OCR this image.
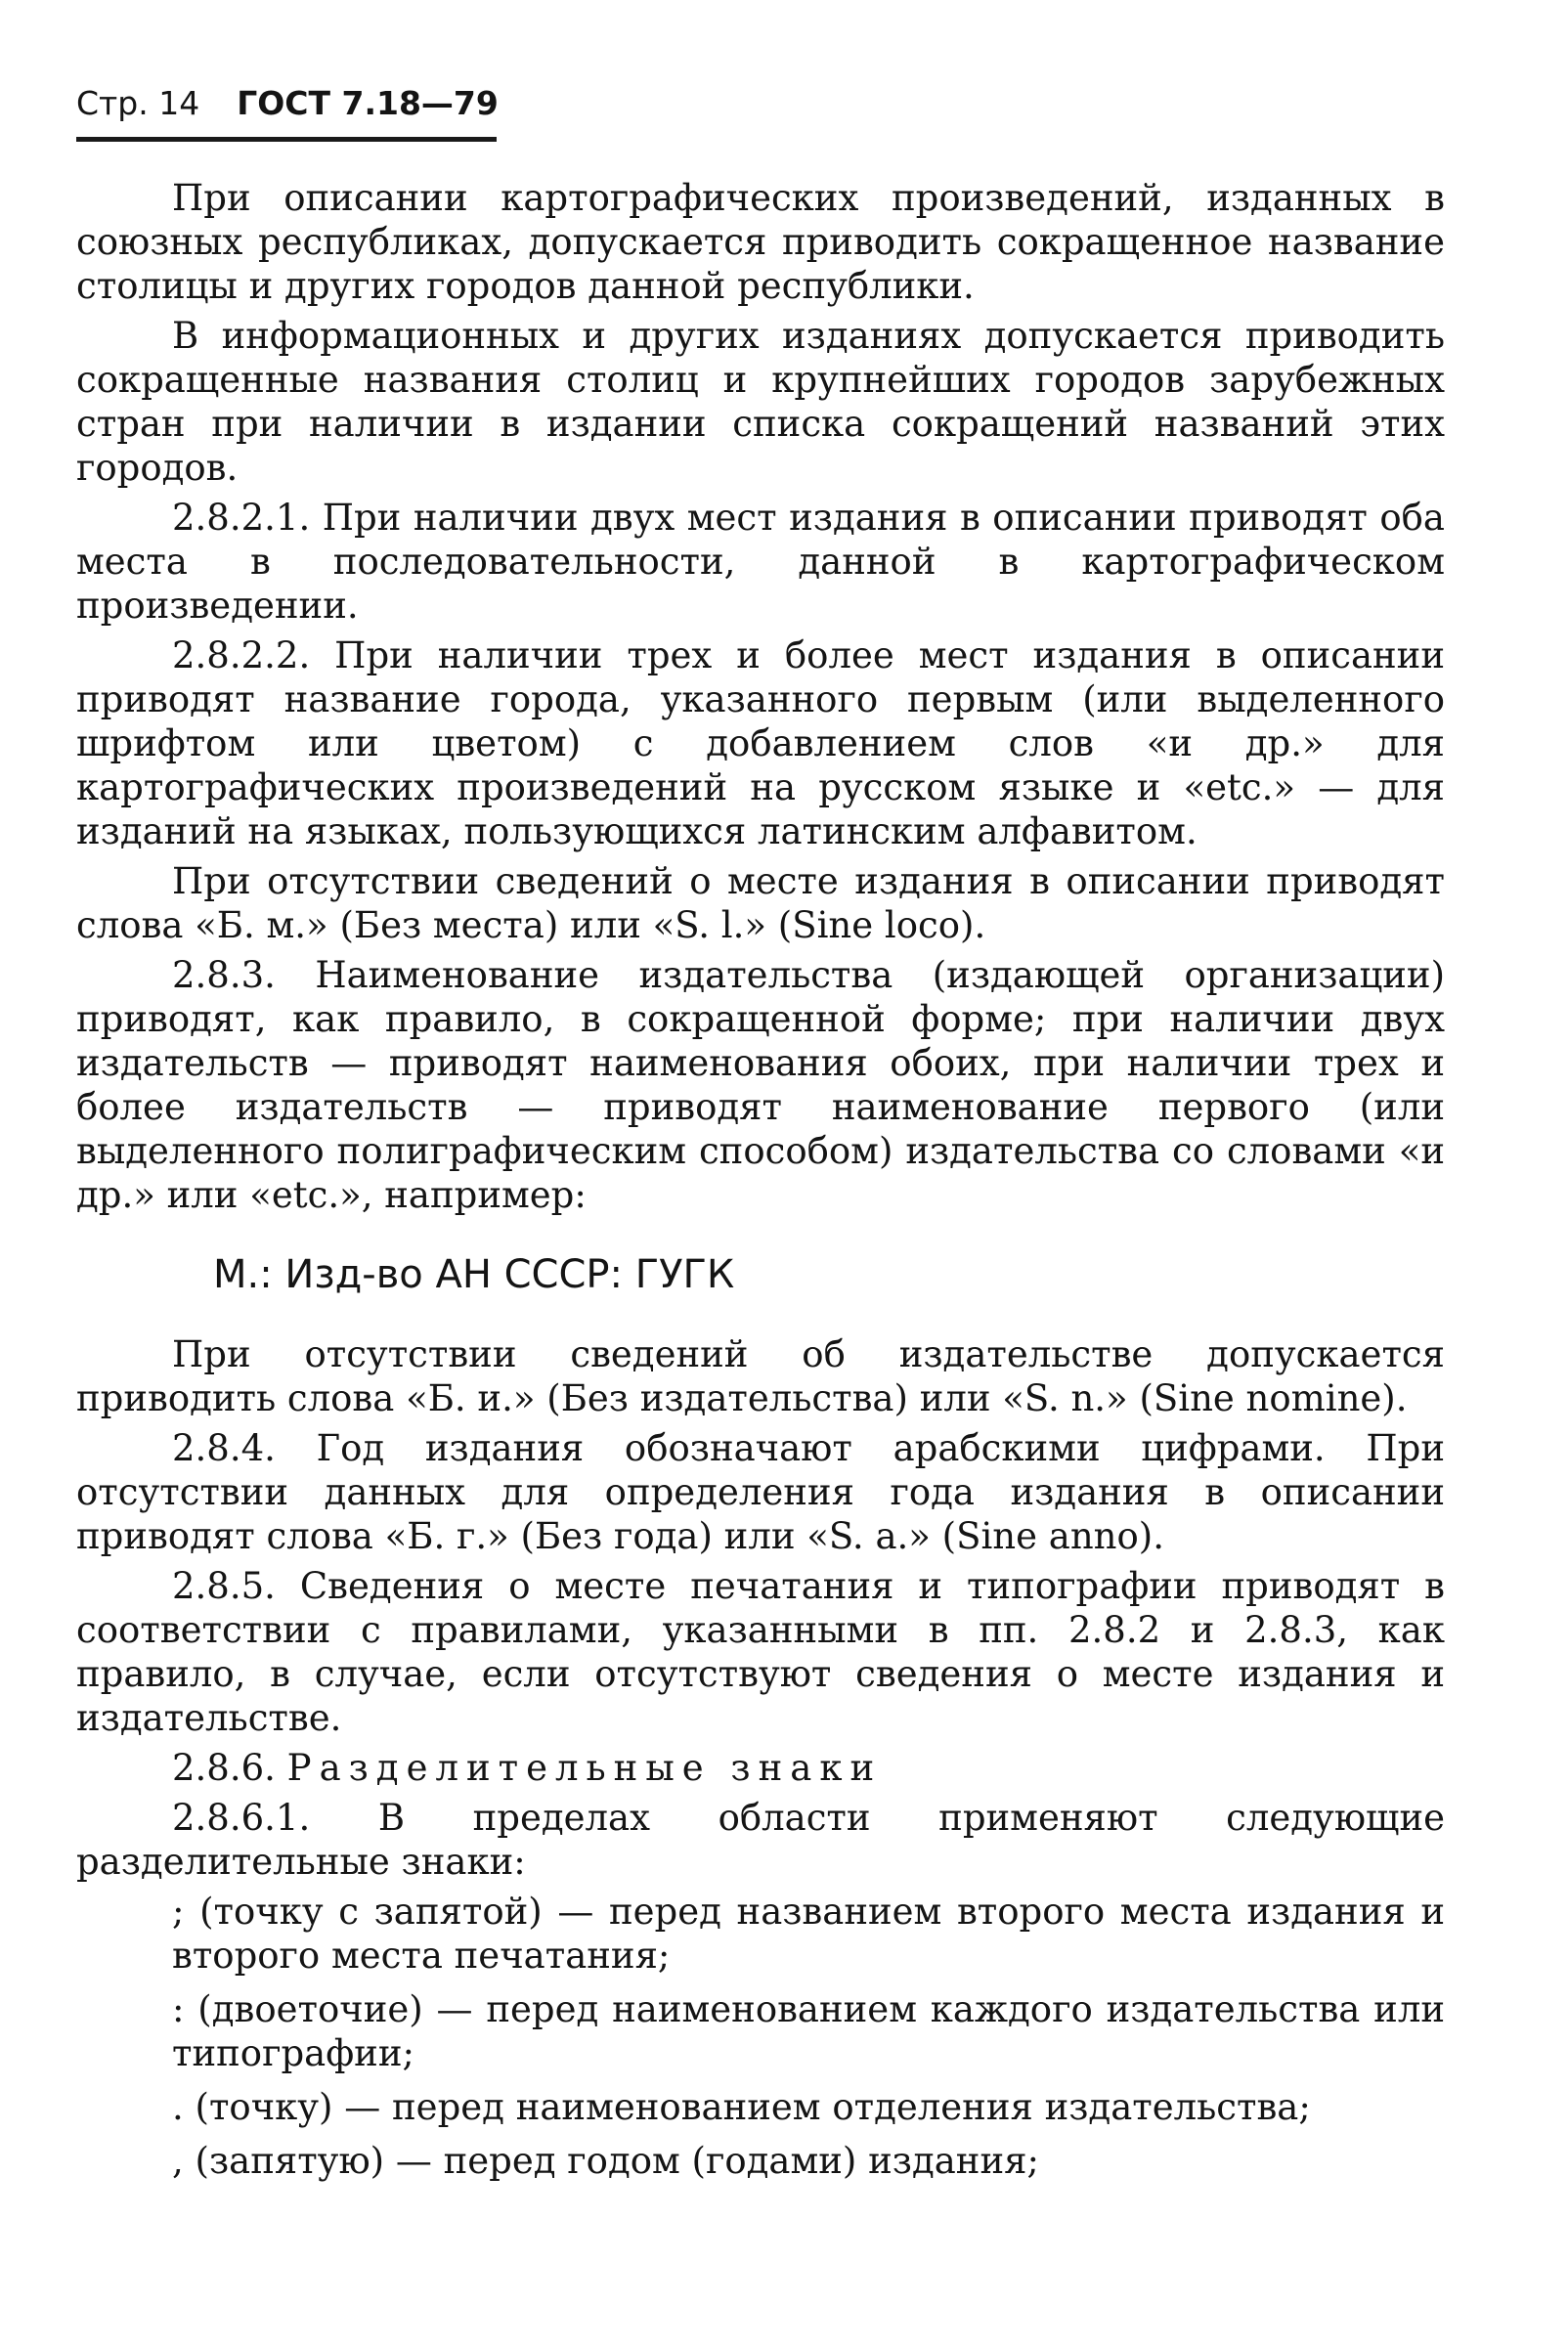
Стр. 14 ГОСТ 7.18—79

При описании картографических произведений, изданных в союзных республиках, допускается приводить сокращенное название столицы и других городов данной республики.

В информационных и других изданиях допускается приводить сокращенные названия столиц и крупнейших городов зарубежных стран при наличии в издании списка сокращений названий этих городов.

2.8.2.1. При наличии двух мест издания в описании приводят оба места в последовательности, данной в картографическом произведении.

2.8.2.2. При наличии трех и более мест издания в описании приводят название города, указанного первым (или выделенного шрифтом или цветом) с добавлением слов «и др.» для картографических произведений на русском языке и «etc.» — для изданий на языках, пользующихся латинским алфавитом.

При отсутствии сведений о месте издания в описании приводят слова «Б. м.» (Без места) или «S. l.» (Sine loco).

2.8.3. Наименование издательства (издающей организации) приводят, как правило, в сокращенной форме; при наличии двух издательств — приводят наименования обоих, при наличии трех и более издательств — приводят наименование первого (или выделенного полиграфическим способом) издательства со словами «и др.» или «etc.», например:

М.: Изд-во АН СССР: ГУГК

При отсутствии сведений об издательстве допускается приводить слова «Б. и.» (Без издательства) или «S. n.» (Sine nomine).

2.8.4. Год издания обозначают арабскими цифрами. При отсутствии данных для определения года издания в описании приводят слова «Б. г.» (Без года) или «S. a.» (Sine anno).

2.8.5. Сведения о месте печатания и типографии приводят в соответствии с правилами, указанными в пп. 2.8.2 и 2.8.3, как правило, в случае, если отсутствуют сведения о месте издания и издательстве.

2.8.6. Разделительные знаки

2.8.6.1. В пределах области применяют следующие разделительные знаки:

; (точку с запятой) — перед названием второго места издания и второго места печатания;

: (двоеточие) — перед наименованием каждого издательства или типографии;

. (точку) — перед наименованием отделения издательства;

, (запятую) — перед годом (годами) издания;
